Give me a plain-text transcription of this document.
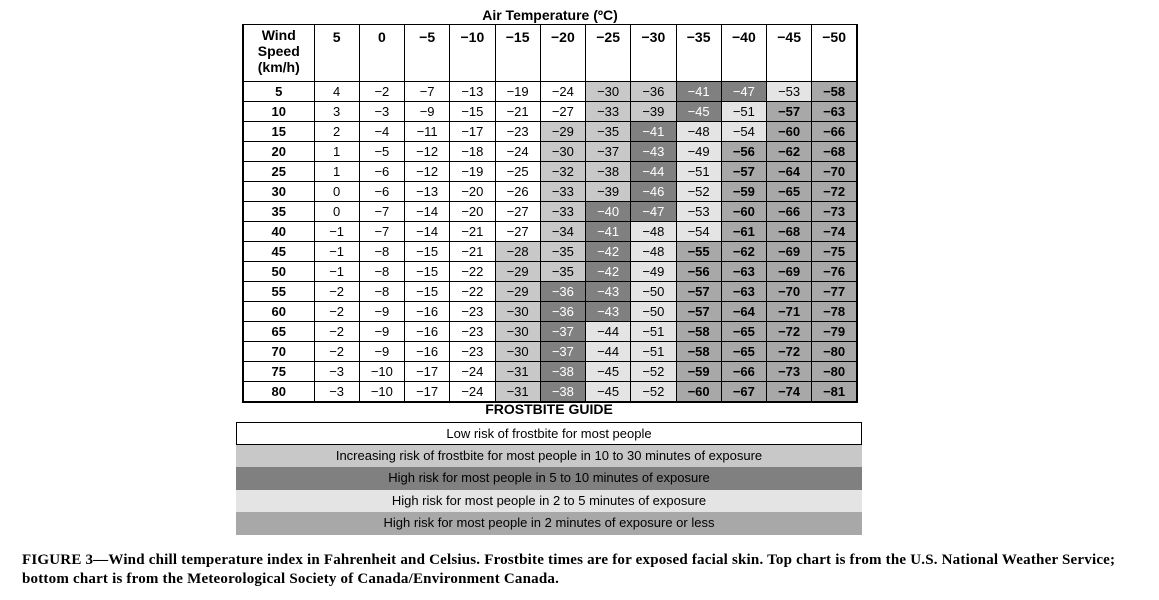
Air Temperature (ºC)
Wind
Speed
(km/h)	5	0	−5	−10	−15	−20	−25	−30	−35	−40	−45	−50
5	4	−2	−7	−13	−19	−24	−30	−36	−41	−47	−53	−58
10	3	−3	−9	−15	−21	−27	−33	−39	−45	−51	−57	−63
15	2	−4	−11	−17	−23	−29	−35	−41	−48	−54	−60	−66
20	1	−5	−12	−18	−24	−30	−37	−43	−49	−56	−62	−68
25	1	−6	−12	−19	−25	−32	−38	−44	−51	−57	−64	−70
30	0	−6	−13	−20	−26	−33	−39	−46	−52	−59	−65	−72
35	0	−7	−14	−20	−27	−33	−40	−47	−53	−60	−66	−73
40	−1	−7	−14	−21	−27	−34	−41	−48	−54	−61	−68	−74
45	−1	−8	−15	−21	−28	−35	−42	−48	−55	−62	−69	−75
50	−1	−8	−15	−22	−29	−35	−42	−49	−56	−63	−69	−76
55	−2	−8	−15	−22	−29	−36	−43	−50	−57	−63	−70	−77
60	−2	−9	−16	−23	−30	−36	−43	−50	−57	−64	−71	−78
65	−2	−9	−16	−23	−30	−37	−44	−51	−58	−65	−72	−79
70	−2	−9	−16	−23	−30	−37	−44	−51	−58	−65	−72	−80
75	−3	−10	−17	−24	−31	−38	−45	−52	−59	−66	−73	−80
80	−3	−10	−17	−24	−31	−38	−45	−52	−60	−67	−74	−81
FROSTBITE GUIDE
Low risk of frostbite for most people
Increasing risk of frostbite for most people in 10 to 30 minutes of exposure
High risk for most people in 5 to 10 minutes of exposure
High risk for most people in 2 to 5 minutes of exposure
High risk for most people in 2 minutes of exposure or less
FIGURE 3—Wind chill temperature index in Fahrenheit and Celsius. Frostbite times are for exposed facial skin. Top chart is from the U.S. National Weather Service; bottom chart is from the Meteorological Society of Canada/Environment Canada.
